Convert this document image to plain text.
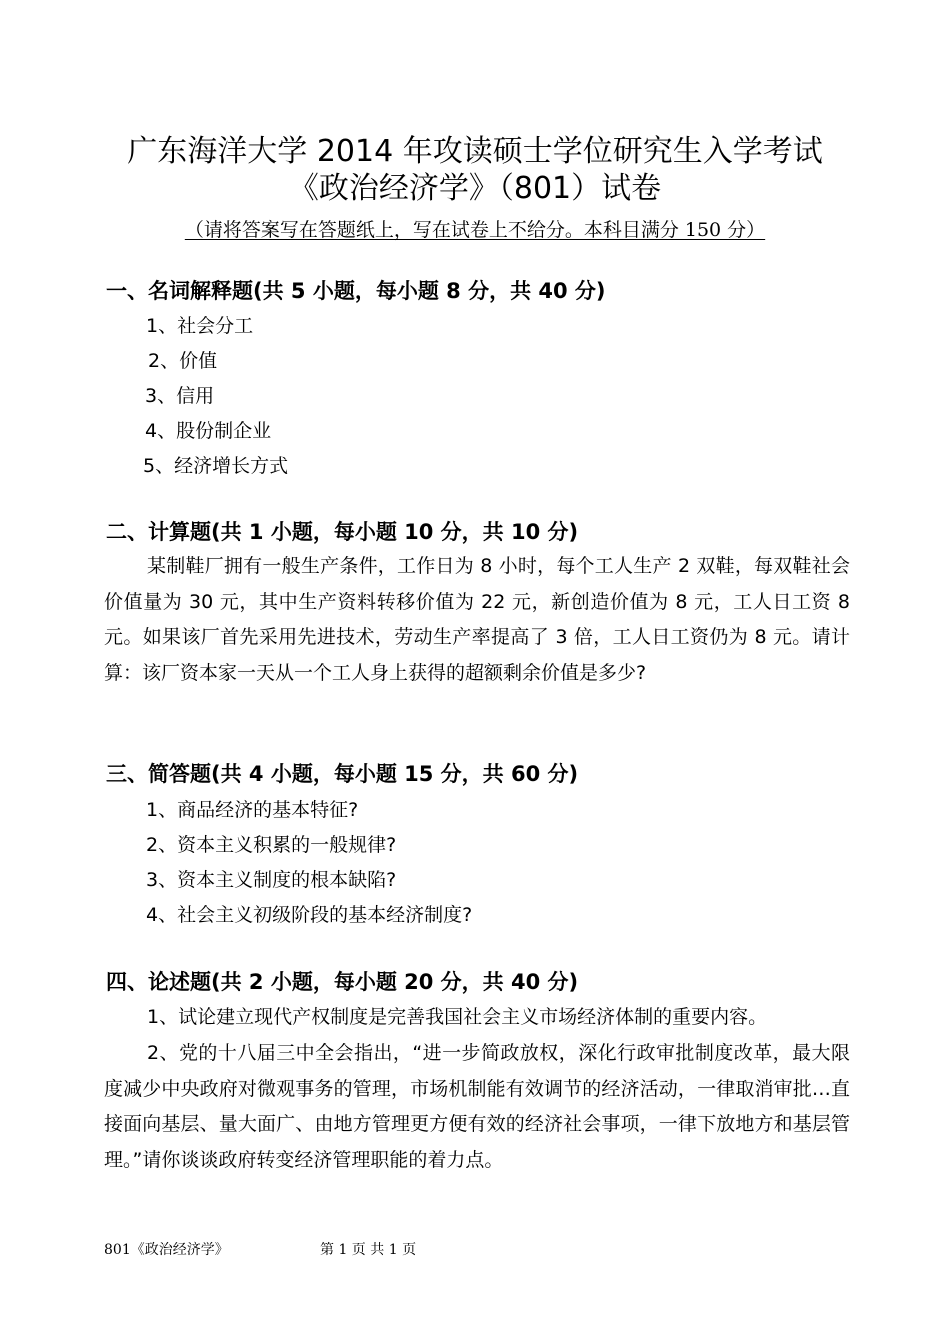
广东海洋大学 2014 年攻读硕士学位研究生入学考试
《政治经济学》（801）试卷
（请将答案写在答题纸上，写在试卷上不给分。本科目满分 150 分）
一、名词解释题(共 5 小题，每小题 8 分，共 40 分)
1、社会分工
2、价值
3、信用
4、股份制企业
5、经济增长方式
二、计算题(共 1 小题，每小题 10 分，共 10 分)

某制鞋厂拥有一般生产条件，工作日为 8 小时，每个工人生产 2 双鞋，每双鞋社会价值量为 30 元，其中生产资料转移价值为 22 元，新创造价值为 8 元，工人日工资 8 元。如果该厂首先采用先进技术，劳动生产率提高了 3 倍，工人日工资仍为 8 元。请计算：该厂资本家一天从一个工人身上获得的超额剩余价值是多少?

三、简答题(共 4 小题，每小题 15 分，共 60 分)
1、商品经济的基本特征?
2、资本主义积累的一般规律?
3、资本主义制度的根本缺陷?
4、社会主义初级阶段的基本经济制度?
四、论述题(共 2 小题，每小题 20 分，共 40 分)

1、试论建立现代产权制度是完善我国社会主义市场经济体制的重要内容。

2、党的十八届三中全会指出，“进一步简政放权，深化行政审批制度改革，最大限度减少中央政府对微观事务的管理，市场机制能有效调节的经济活动，一律取消审批…直接面向基层、量大面广、由地方管理更方便有效的经济社会事项，一律下放地方和基层管理。”请你谈谈政府转变经济管理职能的着力点。

801《政治经济学》	第 1 页 共 1 页
